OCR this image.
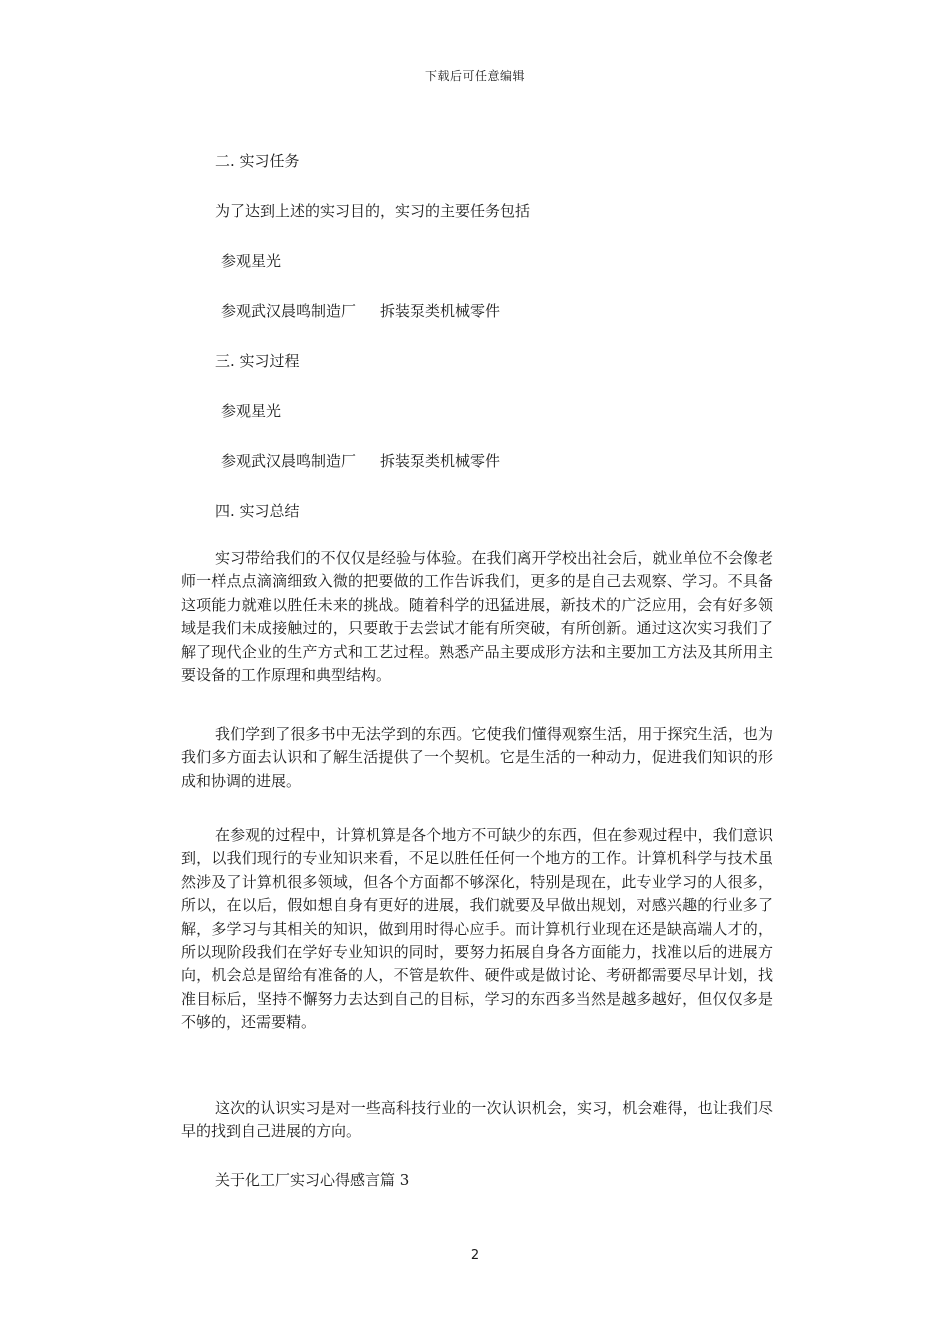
下载后可任意编辑
二. 实习任务
为了达到上述的实习目的，实习的主要任务包括
参观星光
参观武汉晨鸣制造厂 拆装泵类机械零件
三. 实习过程
参观星光
参观武汉晨鸣制造厂 拆装泵类机械零件
四. 实习总结
实习带给我们的不仅仅是经验与体验。在我们离开学校出社会后，就业单位不会像老师一样点点滴滴细致入微的把要做的工作告诉我们，更多的是自己去观察、学习。不具备这项能力就难以胜任未来的挑战。随着科学的迅猛进展，新技术的广泛应用，会有好多领域是我们未成接触过的，只要敢于去尝试才能有所突破，有所创新。通过这次实习我们了解了现代企业的生产方式和工艺过程。熟悉产品主要成形方法和主要加工方法及其所用主要设备的工作原理和典型结构。
我们学到了很多书中无法学到的东西。它使我们懂得观察生活，用于探究生活，也为我们多方面去认识和了解生活提供了一个契机。它是生活的一种动力，促进我们知识的形成和协调的进展。
在参观的过程中，计算机算是各个地方不可缺少的东西，但在参观过程中，我们意识到，以我们现行的专业知识来看，不足以胜任任何一个地方的工作。计算机科学与技术虽然涉及了计算机很多领域，但各个方面都不够深化，特别是现在，此专业学习的人很多，所以，在以后，假如想自身有更好的进展，我们就要及早做出规划，对感兴趣的行业多了解，多学习与其相关的知识，做到用时得心应手。而计算机行业现在还是缺高端人才的，所以现阶段我们在学好专业知识的同时，要努力拓展自身各方面能力，找准以后的进展方向，机会总是留给有准备的人，不管是软件、硬件或是做讨论、考研都需要尽早计划，找准目标后，坚持不懈努力去达到自己的目标，学习的东西多当然是越多越好，但仅仅多是不够的，还需要精。
这次的认识实习是对一些高科技行业的一次认识机会，实习，机会难得，也让我们尽早的找到自己进展的方向。
关于化工厂实习心得感言篇 3
2
